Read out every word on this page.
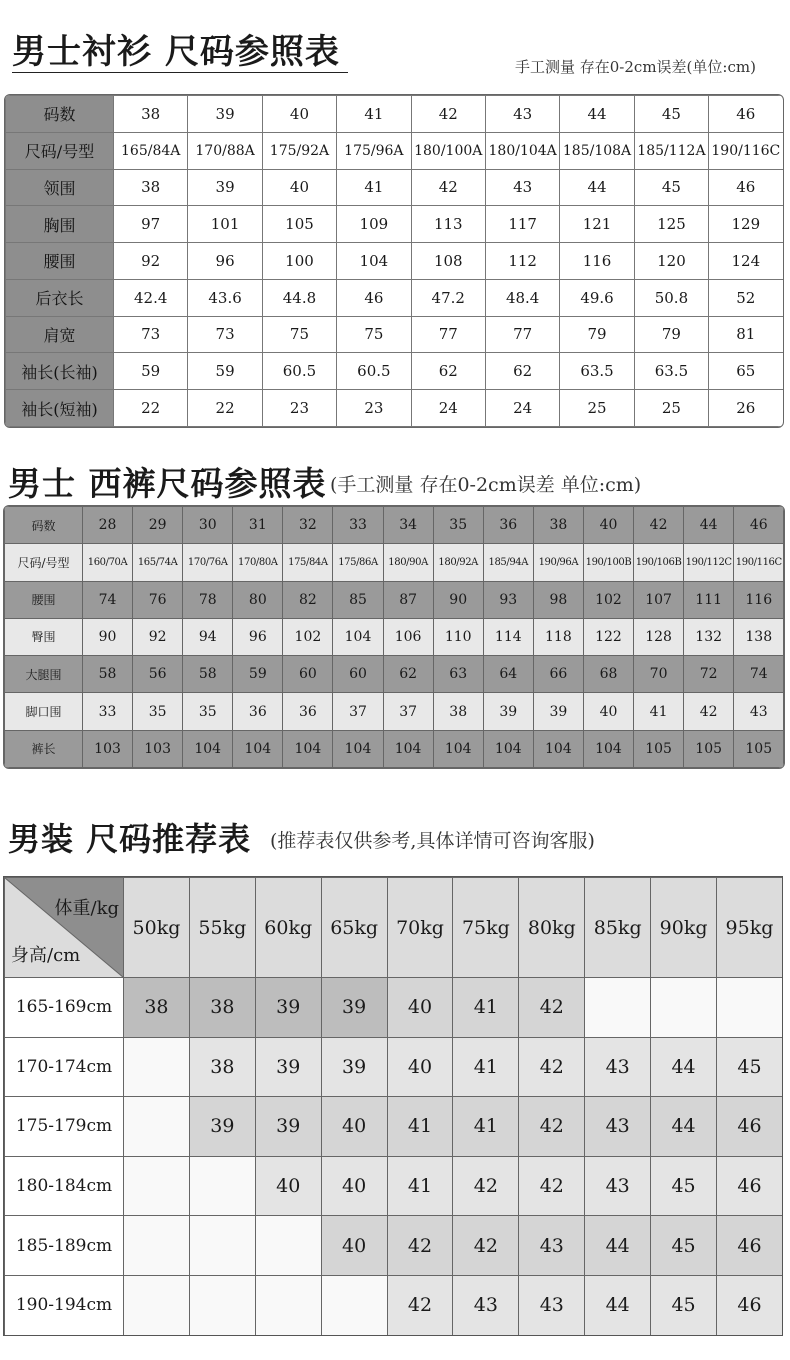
男士衬衫 尺码参照表	手工测量 存在0-2cm误差(单位:cm)
码数	38	39	40	41	42	43	44	45	46
尺码/号型	165/84A	170/88A	175/92A	175/96A	180/100A	180/104A	185/108A	185/112A	190/116C
领围	38	39	40	41	42	43	44	45	46
胸围	97	101	105	109	113	117	121	125	129
腰围	92	96	100	104	108	112	116	120	124
后衣长	42.4	43.6	44.8	46	47.2	48.4	49.6	50.8	52
肩宽	73	73	75	75	77	77	79	79	81
袖长(长袖)	59	59	60.5	60.5	62	62	63.5	63.5	65
袖长(短袖)	22	22	23	23	24	24	25	25	26
男士 西裤尺码参照表 (手工测量 存在0-2cm误差 单位:cm)
码数	28	29	30	31	32	33	34	35	36	38	40	42	44	46
尺码/号型	160/70A	165/74A	170/76A	170/80A	175/84A	175/86A	180/90A	180/92A	185/94A	190/96A	190/100B	190/106B	190/112C	190/116C
腰围	74	76	78	80	82	85	87	90	93	98	102	107	111	116
臀围	90	92	94	96	102	104	106	110	114	118	122	128	132	138
大腿围	58	56	58	59	60	60	62	63	64	66	68	70	72	74
脚口围	33	35	35	36	36	37	37	38	39	39	40	41	42	43
裤长	103	103	104	104	104	104	104	104	104	104	104	105	105	105
男装 尺码推荐表 (推荐表仅供参考,具体详情可咨询客服)
体重/kg
身高/cm	50kg	55kg	60kg	65kg	70kg	75kg	80kg	85kg	90kg	95kg
165-169cm	38	38	39	39	40	41	42			
170-174cm		38	39	39	40	41	42	43	44	45
175-179cm		39	39	40	41	41	42	43	44	46
180-184cm			40	40	41	42	42	43	45	46
185-189cm				40	42	42	43	44	45	46
190-194cm					42	43	43	44	45	46
